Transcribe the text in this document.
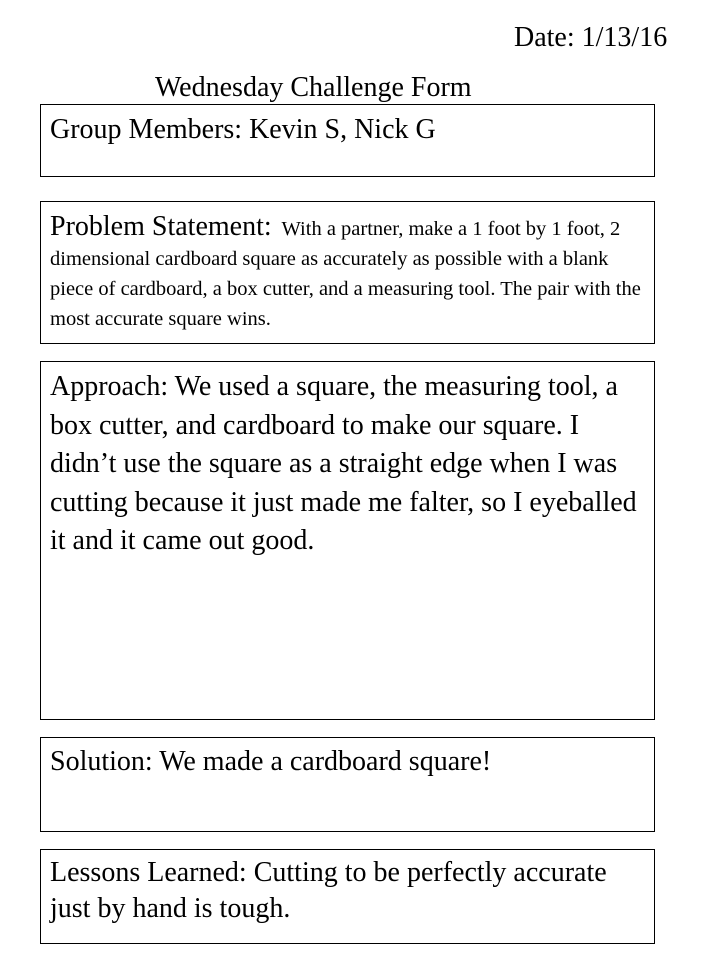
Date: 1/13/16
Wednesday Challenge Form
Group Members: Kevin S, Nick G
Problem Statement:  With a partner, make a 1 foot by 1 foot, 2 dimensional cardboard square as accurately as possible with a blank piece of cardboard, a box cutter, and a measuring tool. The pair with the most accurate square wins.
Approach: We used a square, the measuring tool, a box cutter, and cardboard to make our square. I didn’t use the square as a straight edge when I was cutting because it just made me falter, so I eyeballed it and it came out good.
Solution: We made a cardboard square!
Lessons Learned: Cutting to be perfectly accurate just by hand is tough.
